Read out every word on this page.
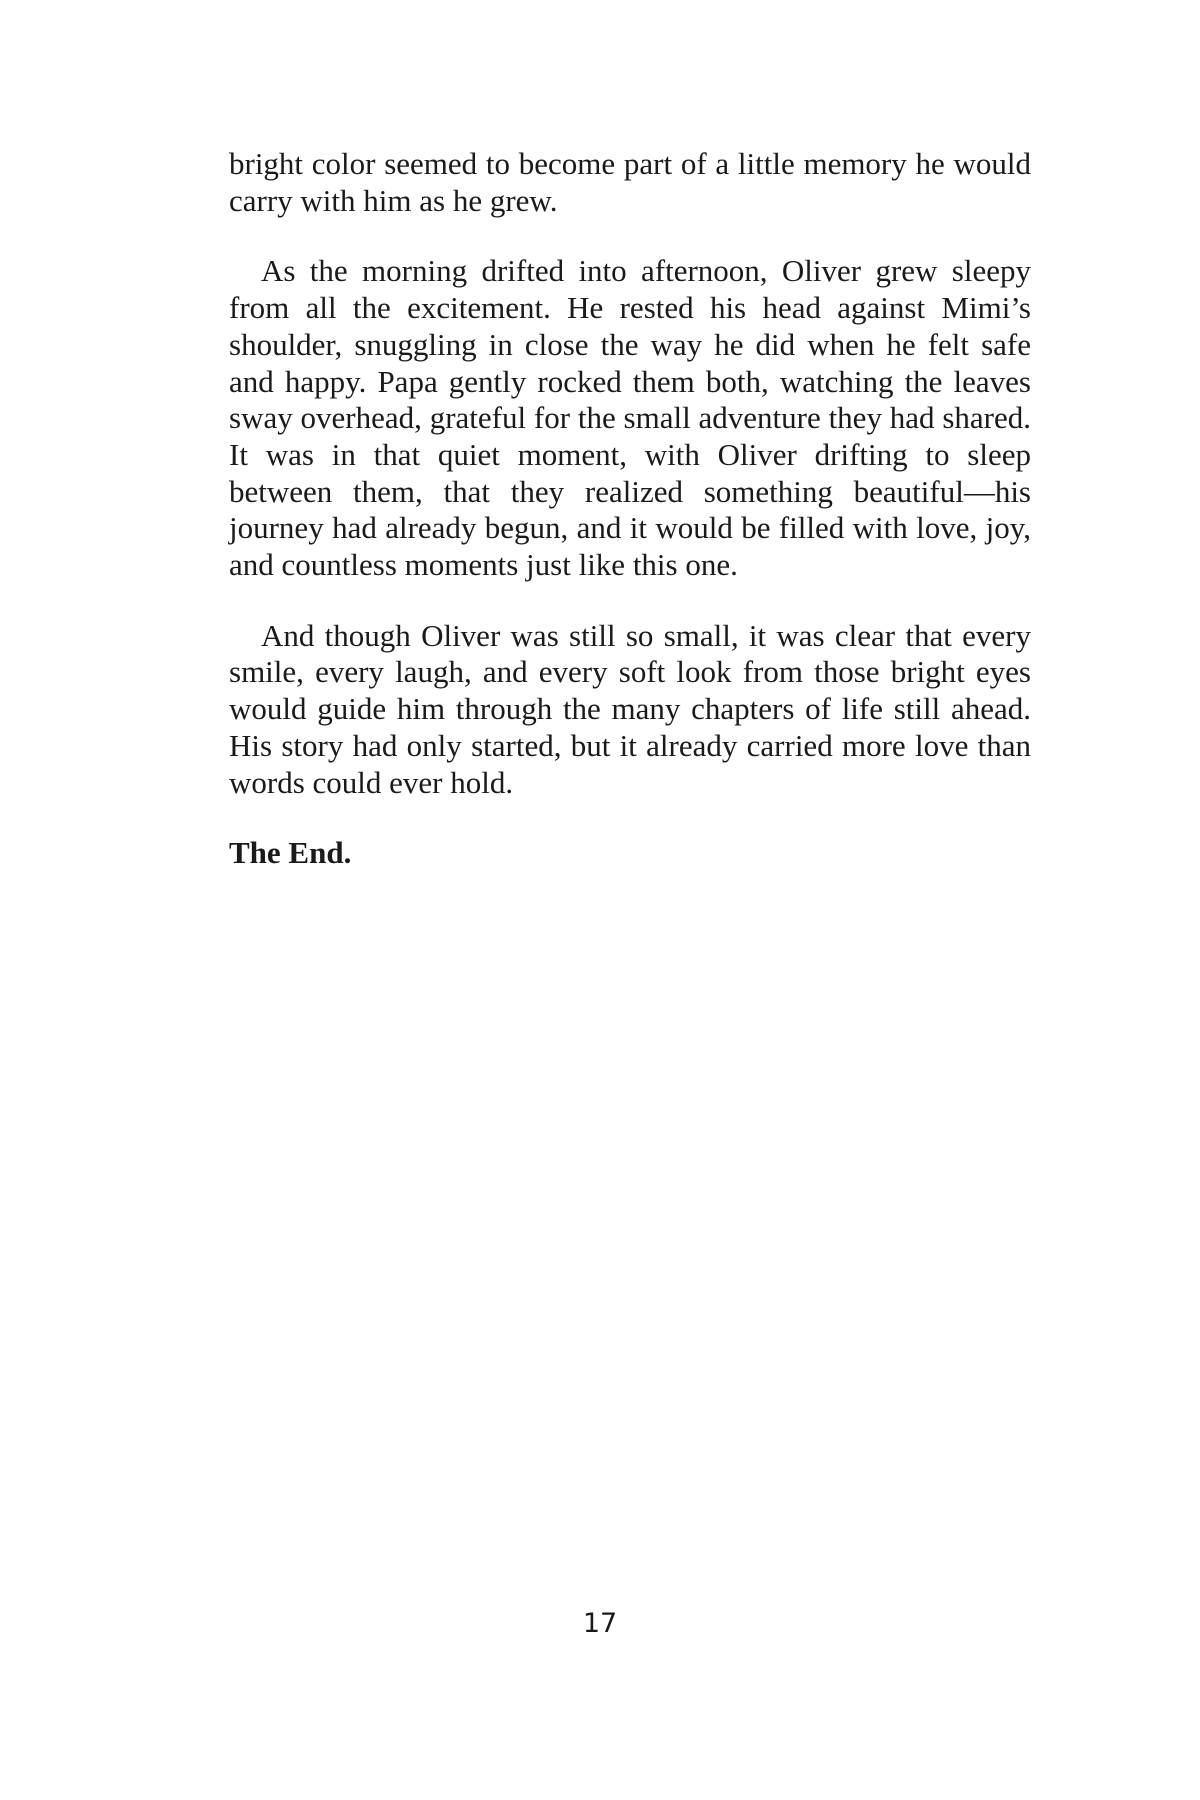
bright color seemed to become part of a little memory he would carry with him as he grew.

As the morning drifted into afternoon, Oliver grew sleepy from all the excitement. He rested his head against Mimi’s shoulder, snuggling in close the way he did when he felt safe and happy. Papa gently rocked them both, watching the leaves sway overhead, grateful for the small adventure they had shared. It was in that quiet moment, with Oliver drifting to sleep between them, that they realized something beautiful—his journey had already begun, and it would be filled with love, joy, and countless moments just like this one.

And though Oliver was still so small, it was clear that every smile, every laugh, and every soft look from those bright eyes would guide him through the many chapters of life still ahead. His story had only started, but it already carried more love than words could ever hold.

The End.

17
